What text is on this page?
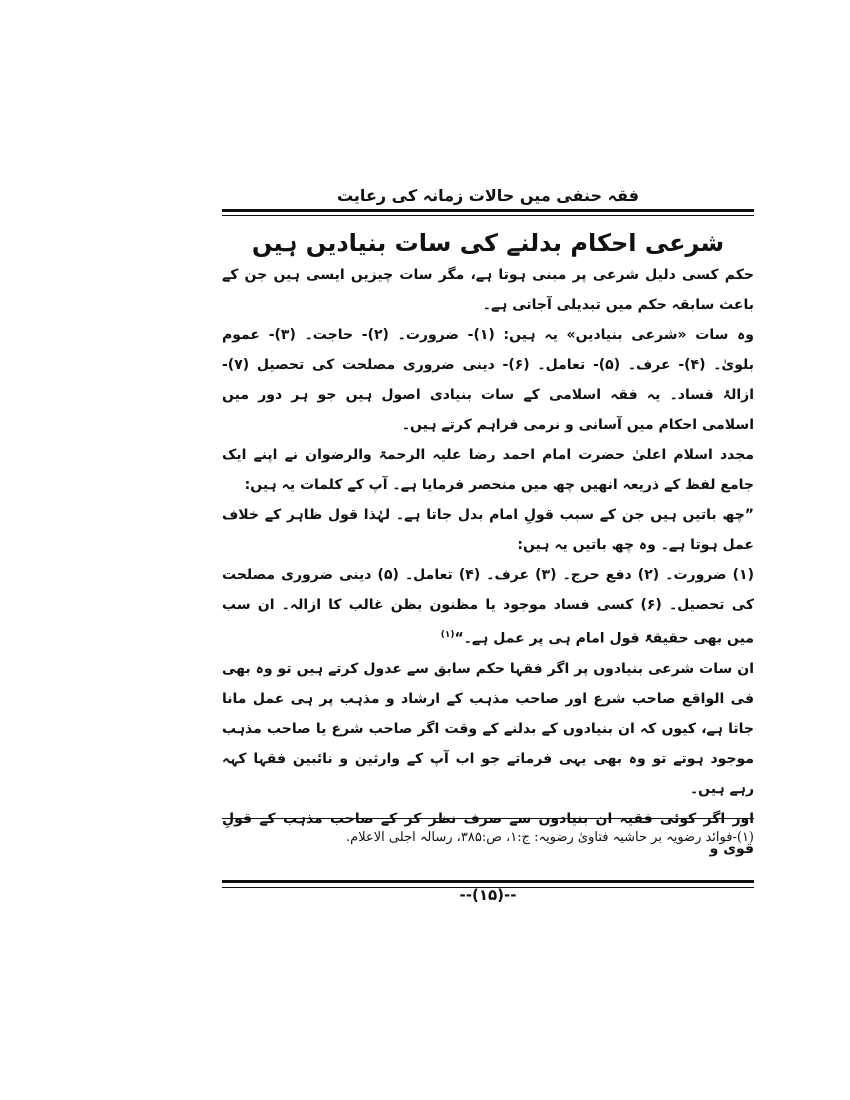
فقہ حنفی میں حالات زمانہ کی رعایت
شرعی احکام بدلنے کی سات بنیادیں ہیں

حکم کسی دلیل شرعی پر مبنی ہوتا ہے، مگر سات چیزیں ایسی ہیں جن کے باعث سابقہ حکم میں تبدیلی آجاتی ہے۔

وہ سات «شرعی بنیادیں» یہ ہیں: (۱)- ضرورت۔ (۲)- حاجت۔ (۳)- عموم بلویٰ۔ (۴)- عرف۔ (۵)- تعامل۔ (۶)- دینی ضروری مصلحت کی تحصیل (۷)- ازالۂ فساد۔ یہ فقہ اسلامی کے سات بنیادی اصول ہیں جو ہر دور میں اسلامی احکام میں آسانی و نرمی فراہم کرتے ہیں۔

مجدد اسلام اعلیٰ حضرت امام احمد رضا علیہ الرحمۃ والرضوان نے اپنے ایک جامع لفظ کے ذریعہ انھیں چھ میں منحصر فرمایا ہے۔ آپ کے کلمات یہ ہیں:

”چھ باتیں ہیں جن کے سبب قولِ امام بدل جاتا ہے۔ لہٰذا قول ظاہر کے خلاف عمل ہوتا ہے۔ وہ چھ باتیں یہ ہیں:

(۱) ضرورت۔ (۲) دفع حرج۔ (۳) عرف۔ (۴) تعامل۔ (۵) دینی ضروری مصلحت کی تحصیل۔ (۶) کسی فساد موجود یا مظنون بظن غالب کا ازالہ۔ ان سب میں بھی حقیقۃً قول امام ہی پر عمل ہے۔“$^{(۱)}$

ان سات شرعی بنیادوں پر اگر فقہا حکم سابق سے عدول کرتے ہیں تو وہ بھی فی الواقع صاحب شرع اور صاحب مذہب کے ارشاد و مذہب پر ہی عمل مانا جاتا ہے، کیوں کہ ان بنیادوں کے بدلنے کے وقت اگر صاحب شرع یا صاحب مذہب موجود ہوتے تو وہ بھی یہی فرماتے جو اب آپ کے وارثین و نائبین فقہا کہہ رہے ہیں۔

اور اگر کوئی فقیہ ان بنیادوں سے صرف نظر کر کے صاحب مذہب کے قولِ قوی و

(۱)-فوائد رضویہ بر حاشیہ فتاویٰ رضویہ: ج:۱، ص:۳۸۵، رسالہ اجلی الاعلام.
--(۱۵)--
